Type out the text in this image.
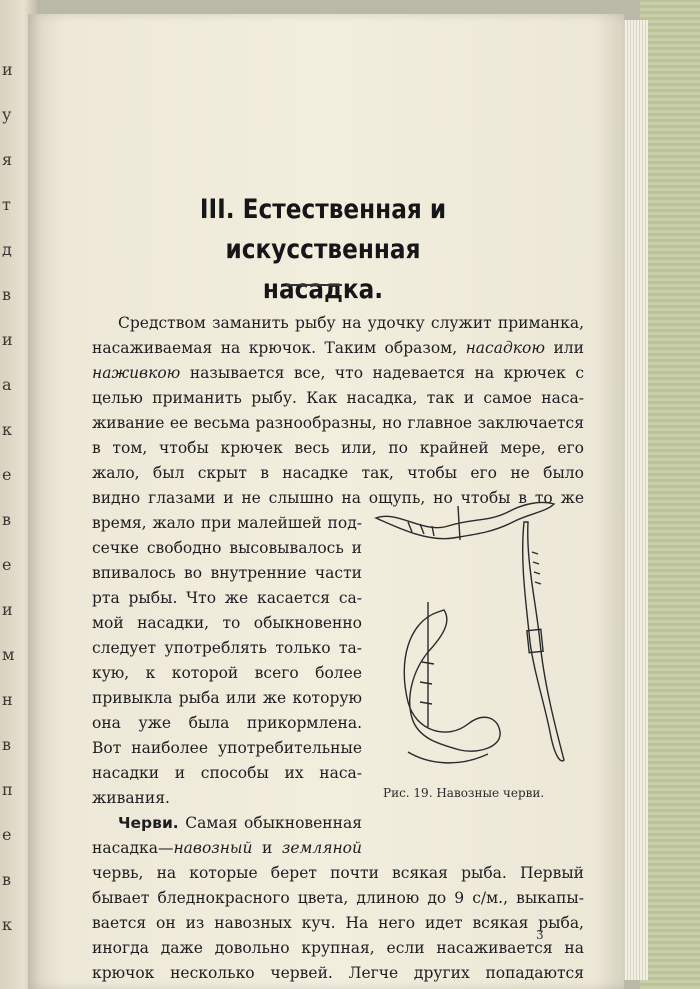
и
у
я
т
д
в
и
a
к
е
в
е
и
м
н
в
п
е
в
к
III. Естественная и искусственная
насадка.
Средством заманить рыбу на удочку служит приманка,
насаживаемая на крючок. Таким образом, насадкою или
наживкою называется все, что надевается на крючек с
целью приманить рыбу. Как насадка, так и самое наса-
живание ее весьма разнообразны, но главное заключается
в том, чтобы крючек весь или, по крайней мере, его
жало, был скрыт в насадке так, чтобы его не было
видно глазами и не слышно на ощупь, но чтобы в то же
время, жало при малейшей под-
сечке свободно высовывалось и
впивалось во внутренние части
рта рыбы. Что же касается са-
мой насадки, то обыкновенно
следует употреблять только та-
кую, к которой всего более
привыкла рыба или же которую
она уже была прикормлена.
Вот наиболее употребительные
насадки и способы их наса-
живания.
Черви. Самая обыкновенная
насадка—навозный и земляной
червь, на которые берет почти всякая рыба. Первый
бывает бледнокрасного цвета, длиною до 9 с/м., выкапы-
вается он из навозных куч. На него идет всякая рыба,
иногда даже довольно крупная, если насаживается на
крючок несколько червей. Легче других попадаются
Рис. 19. Навозные черви.
3
